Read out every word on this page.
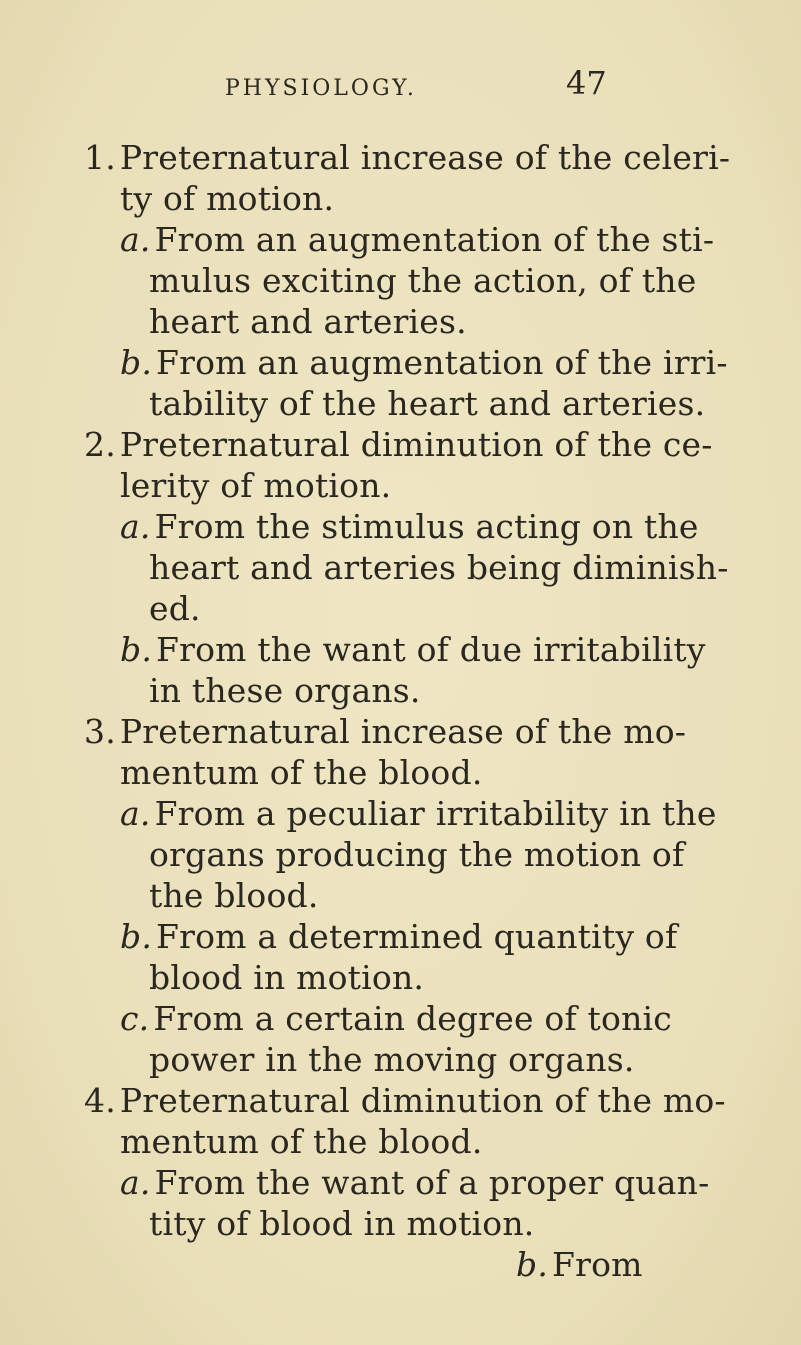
PHYSIOLOGY.	47
1. Preternatural increase of the celeri-
ty of motion.
a. From an augmentation of the sti-
mulus exciting the action, of the
heart and arteries.
b. From an augmentation of the irri-
tability of the heart and arteries.
2. Preternatural diminution of the ce-
lerity of motion.
a. From the stimulus acting on the
heart and arteries being diminish-
ed.
b. From the want of due irritability
in these organs.
3. Preternatural increase of the mo-
mentum of the blood.
a. From a peculiar irritability in the
organs producing the motion of
the blood.
b. From a determined quantity of
blood in motion.
c. From a certain degree of tonic
power in the moving organs.
4. Preternatural diminution of the mo-
mentum of the blood.
a. From the want of a proper quan-
tity of blood in motion.
b. From
